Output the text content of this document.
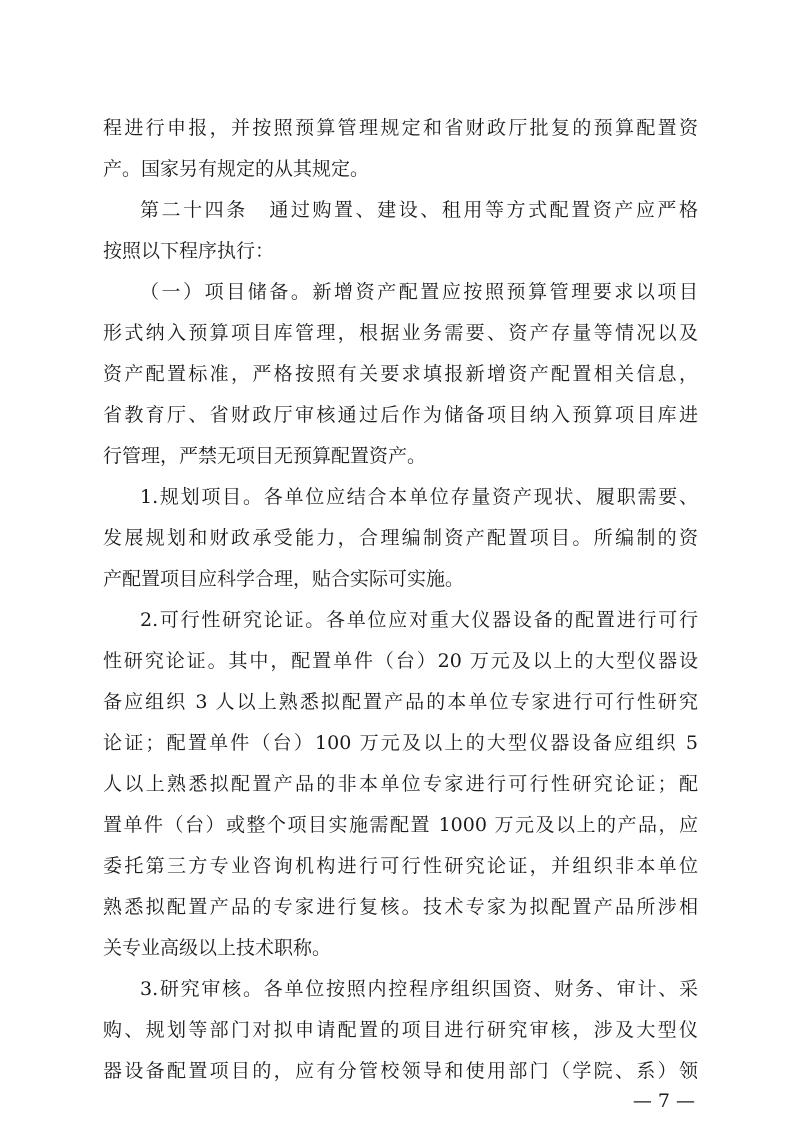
程进行申报，并按照预算管理规定和省财政厅批复的预算配置资
产。国家另有规定的从其规定。
第二十四条　通过购置、建设、租用等方式配置资产应严格
按照以下程序执行：
（一）项目储备。新增资产配置应按照预算管理要求以项目
形式纳入预算项目库管理，根据业务需要、资产存量等情况以及
资产配置标准，严格按照有关要求填报新增资产配置相关信息，
省教育厅、省财政厅审核通过后作为储备项目纳入预算项目库进
行管理，严禁无项目无预算配置资产。
1.规划项目。各单位应结合本单位存量资产现状、履职需要、
发展规划和财政承受能力，合理编制资产配置项目。所编制的资
产配置项目应科学合理，贴合实际可实施。
2.可行性研究论证。各单位应对重大仪器设备的配置进行可行
性研究论证。其中，配置单件（台）20 万元及以上的大型仪器设
备应组织 3 人以上熟悉拟配置产品的本单位专家进行可行性研究
论证；配置单件（台）100 万元及以上的大型仪器设备应组织 5
人以上熟悉拟配置产品的非本单位专家进行可行性研究论证；配
置单件（台）或整个项目实施需配置 1000 万元及以上的产品，应
委托第三方专业咨询机构进行可行性研究论证，并组织非本单位
熟悉拟配置产品的专家进行复核。技术专家为拟配置产品所涉相
关专业高级以上技术职称。
3.研究审核。各单位按照内控程序组织国资、财务、审计、采
购、规划等部门对拟申请配置的项目进行研究审核，涉及大型仪
器设备配置项目的，应有分管校领导和使用部门（学院、系）领
— 7 —
